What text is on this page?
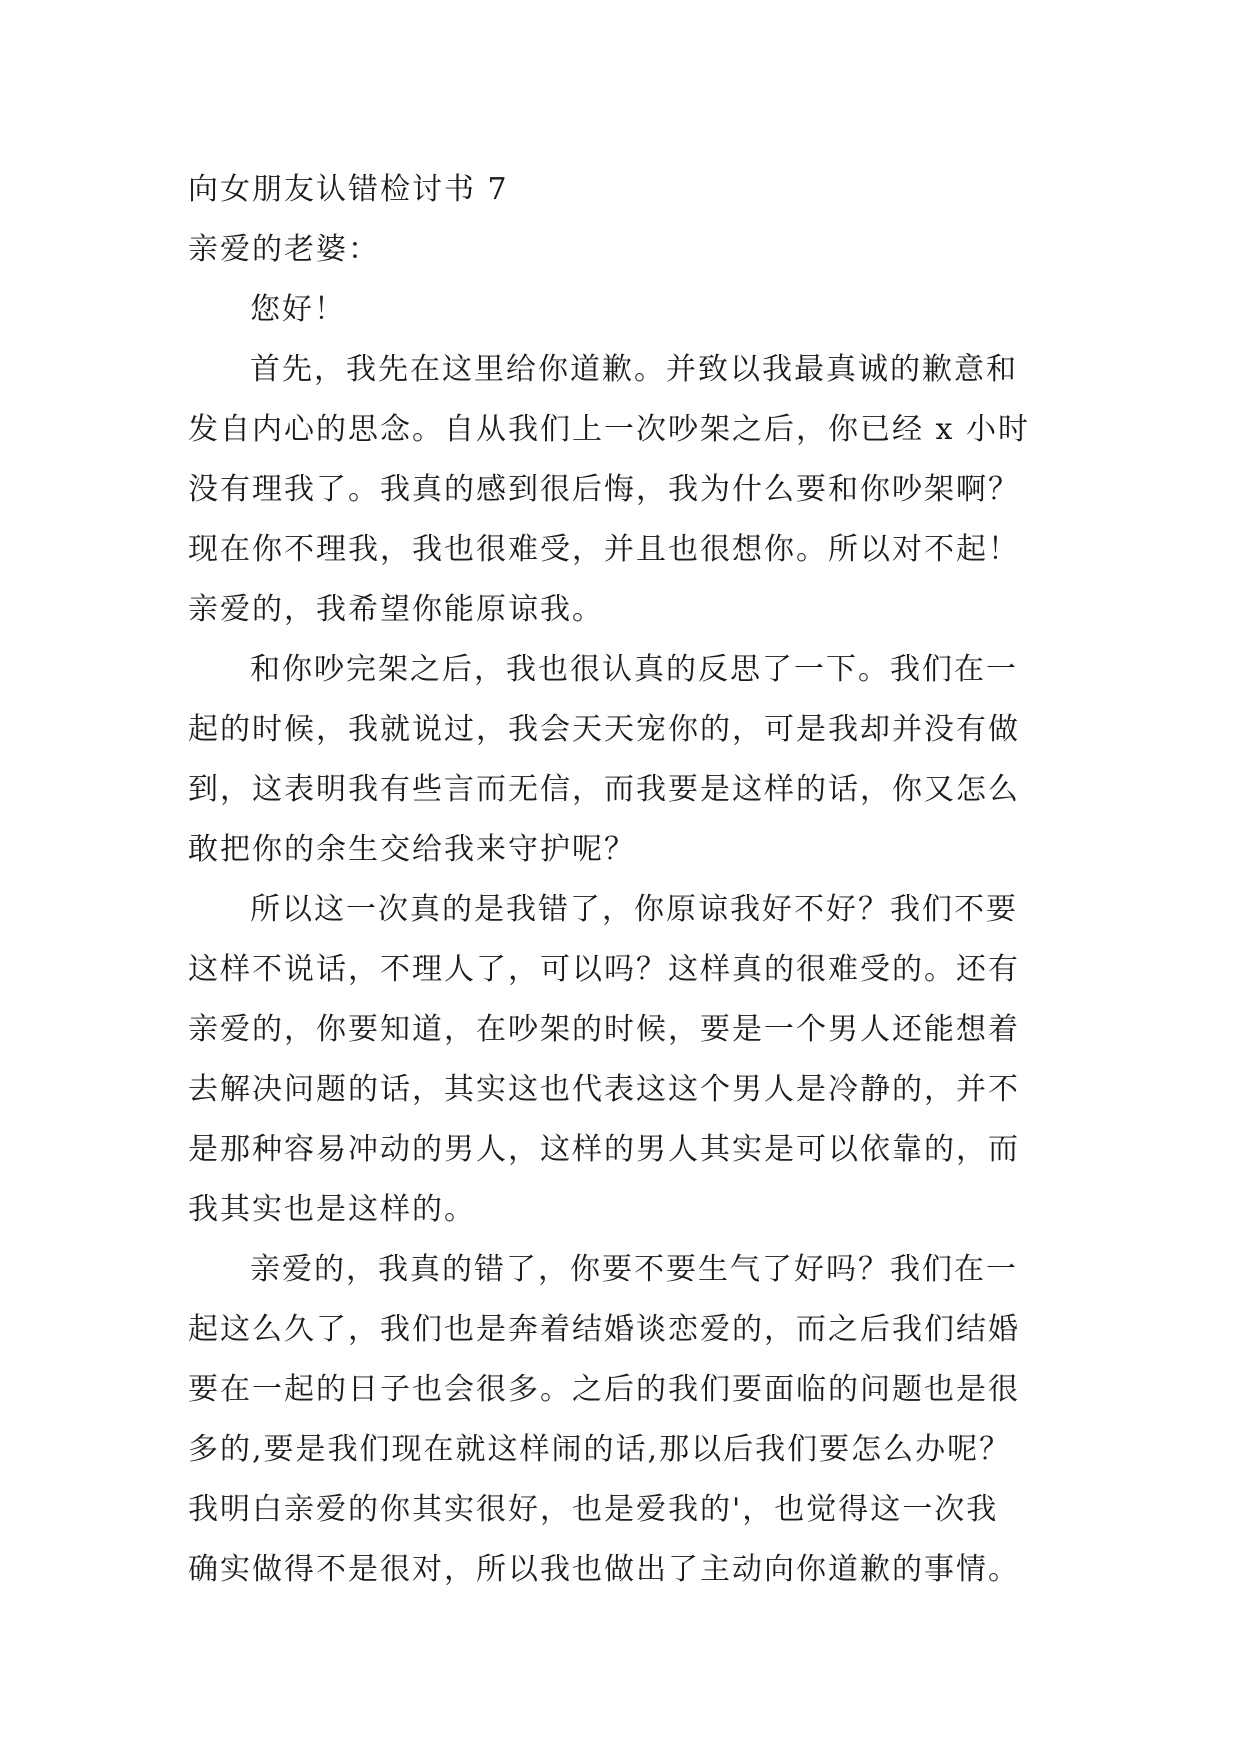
向女朋友认错检讨书 7
亲爱的老婆：
您好！
首先，我先在这里给你道歉。并致以我最真诚的歉意和
发自内心的思念。自从我们上一次吵架之后，你已经 x 小时
没有理我了。我真的感到很后悔，我为什么要和你吵架啊？
现在你不理我，我也很难受，并且也很想你。所以对不起！
亲爱的，我希望你能原谅我。
和你吵完架之后，我也很认真的反思了一下。我们在一
起的时候，我就说过，我会天天宠你的，可是我却并没有做
到，这表明我有些言而无信，而我要是这样的话，你又怎么
敢把你的余生交给我来守护呢？
所以这一次真的是我错了，你原谅我好不好？我们不要
这样不说话，不理人了，可以吗？这样真的很难受的。还有
亲爱的，你要知道，在吵架的时候，要是一个男人还能想着
去解决问题的话，其实这也代表这这个男人是冷静的，并不
是那种容易冲动的男人，这样的男人其实是可以依靠的，而
我其实也是这样的。
亲爱的，我真的错了，你要不要生气了好吗？我们在一
起这么久了，我们也是奔着结婚谈恋爱的，而之后我们结婚
要在一起的日子也会很多。之后的我们要面临的问题也是很
多的,要是我们现在就这样闹的话,那以后我们要怎么办呢？
我明白亲爱的你其实很好，也是爱我的'，也觉得这一次我
确实做得不是很对，所以我也做出了主动向你道歉的事情。
